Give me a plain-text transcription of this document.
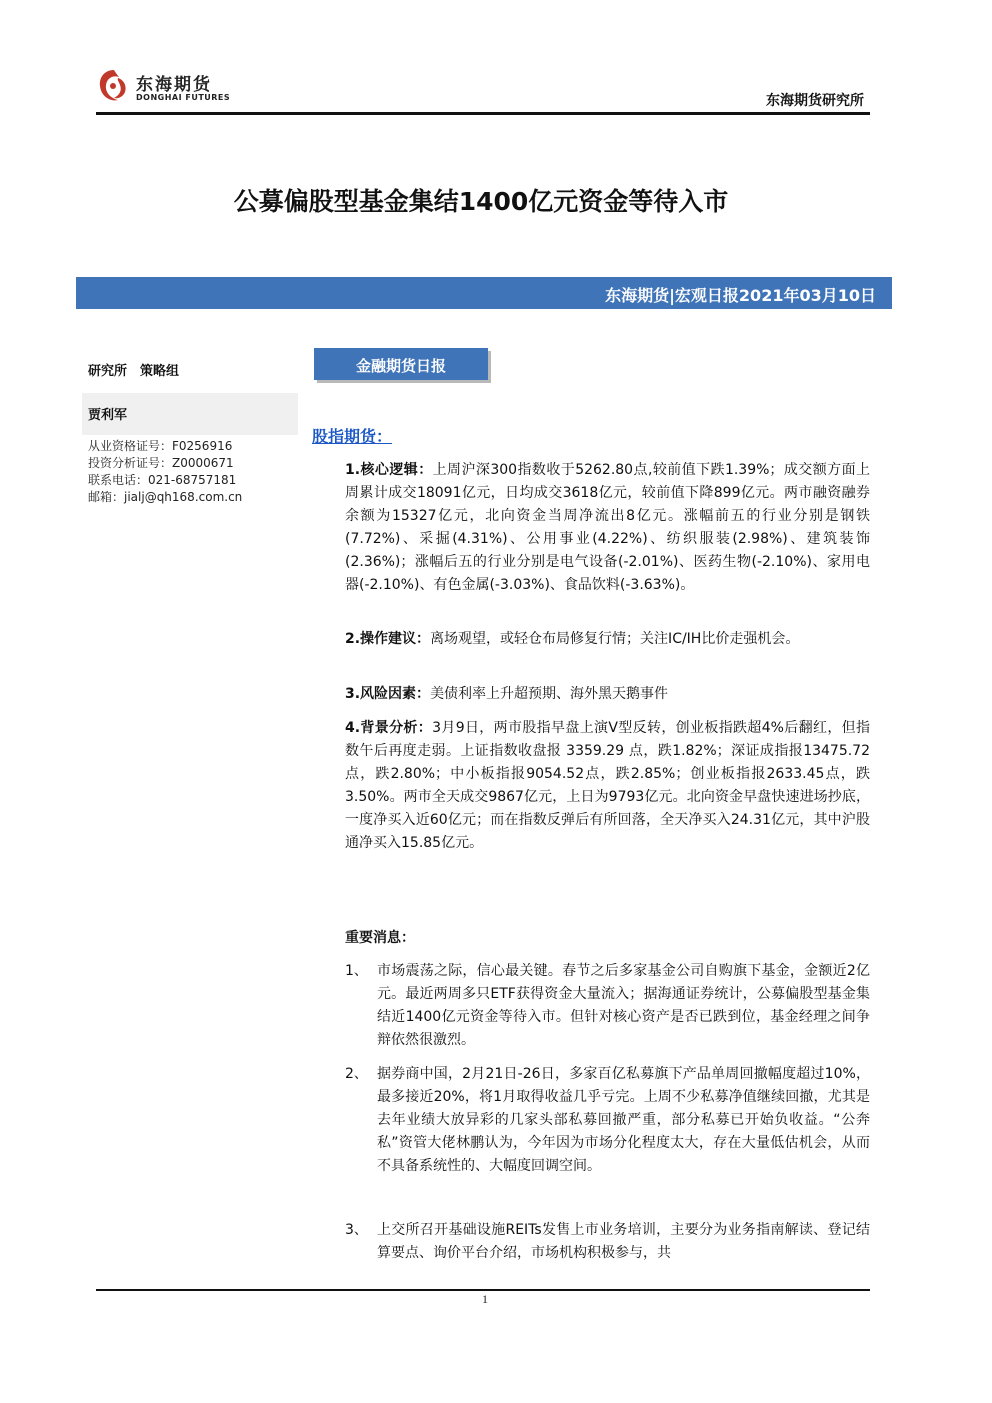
东海期货
DONGHAI FUTURES	东海期货研究所
公募偏股型基金集结1400亿元资金等待入市
东海期货|宏观日报2021年03月10日
研究所　策略组
贾利军
从业资格证号：F0256916
投资分析证号：Z0000671
联系电话：021-68757181
邮箱：jialj@qh168.com.cn
金融期货日报
股指期货：
1.核心逻辑：上周沪深300指数收于5262.80点,较前值下跌1.39%；成交额方面上周累计成交18091亿元，日均成交3618亿元，较前值下降899亿元。两市融资融券余额为15327亿元，北向资金当周净流出8亿元。涨幅前五的行业分别是钢铁(7.72%)、采掘(4.31%)、公用事业(4.22%)、纺织服装(2.98%)、建筑装饰(2.36%)；涨幅后五的行业分别是电气设备(-2.01%)、医药生物(-2.10%)、家用电器(-2.10%)、有色金属(-3.03%)、食品饮料(-3.63%)。
2.操作建议：离场观望，或轻仓布局修复行情；关注IC/IH比价走强机会。
3.风险因素：美债利率上升超预期、海外黑天鹅事件
4.背景分析：3月9日，两市股指早盘上演V型反转，创业板指跌超4%后翻红，但指数午后再度走弱。上证指数收盘报 3359.29 点，跌1.82%；深证成指报13475.72点，跌2.80%；中小板指报9054.52点，跌2.85%；创业板指报2633.45点，跌3.50%。两市全天成交9867亿元，上日为9793亿元。北向资金早盘快速进场抄底，一度净买入近60亿元；而在指数反弹后有所回落，全天净买入24.31亿元，其中沪股通净买入15.85亿元。
重要消息：
1、 市场震荡之际，信心最关键。春节之后多家基金公司自购旗下基金，金额近2亿元。最近两周多只ETF获得资金大量流入；据海通证券统计，公募偏股型基金集结近1400亿元资金等待入市。但针对核心资产是否已跌到位，基金经理之间争辩依然很激烈。
2、 据券商中国，2月21日-26日，多家百亿私募旗下产品单周回撤幅度超过10%，最多接近20%，将1月取得收益几乎亏完。上周不少私募净值继续回撤，尤其是去年业绩大放异彩的几家头部私募回撤严重，部分私募已开始负收益。“公奔私”资管大佬林鹏认为，今年因为市场分化程度太大，存在大量低估机会，从而不具备系统性的、大幅度回调空间。
3、 上交所召开基础设施REITs发售上市业务培训，主要分为业务指南解读、登记结算要点、询价平台介绍，市场机构积极参与，共
1
